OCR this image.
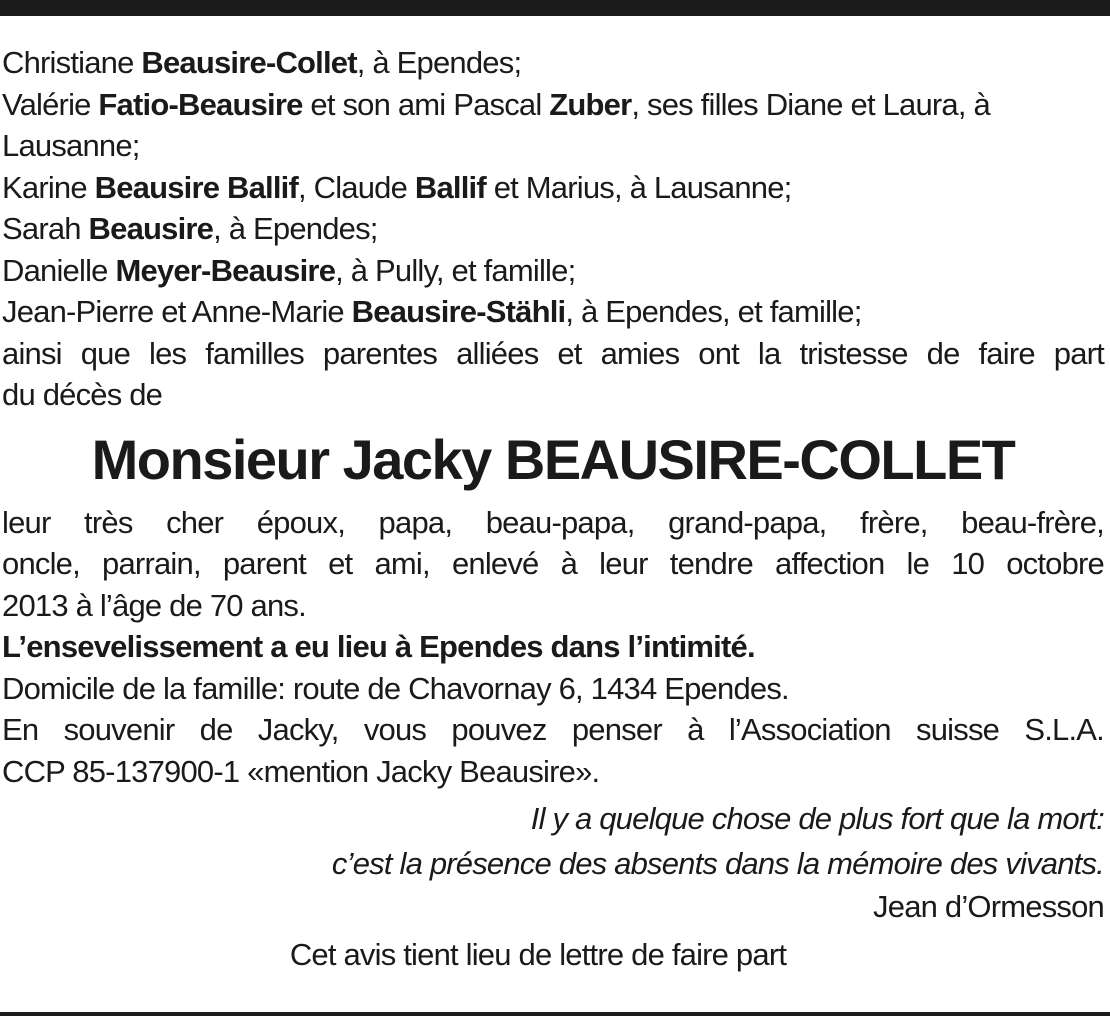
Christiane Beausire-Collet, à Ependes;
Valérie Fatio-Beausire et son ami Pascal Zuber, ses filles Diane et Laura, à
Lausanne;
Karine Beausire Ballif, Claude Ballif et Marius, à Lausanne;
Sarah Beausire, à Ependes;
Danielle Meyer-Beausire, à Pully, et famille;
Jean-Pierre et Anne-Marie Beausire-Stähli, à Ependes, et famille;
ainsi que les familles parentes alliées et amies ont la tristesse de faire part
du décès de
Monsieur Jacky BEAUSIRE-COLLET
leur très cher époux, papa, beau-papa, grand-papa, frère, beau-frère,
oncle, parrain, parent et ami, enlevé à leur tendre affection le 10 octobre
2013 à l’âge de 70 ans.
L’ensevelissement a eu lieu à Ependes dans l’intimité.
Domicile de la famille: route de Chavornay 6, 1434 Ependes.
En souvenir de Jacky, vous pouvez penser à l’Association suisse S.L.A.
CCP 85-137900-1 «mention Jacky Beausire».
Il y a quelque chose de plus fort que la mort:
c’est la présence des absents dans la mémoire des vivants.
Jean d’Ormesson
Cet avis tient lieu de lettre de faire part
